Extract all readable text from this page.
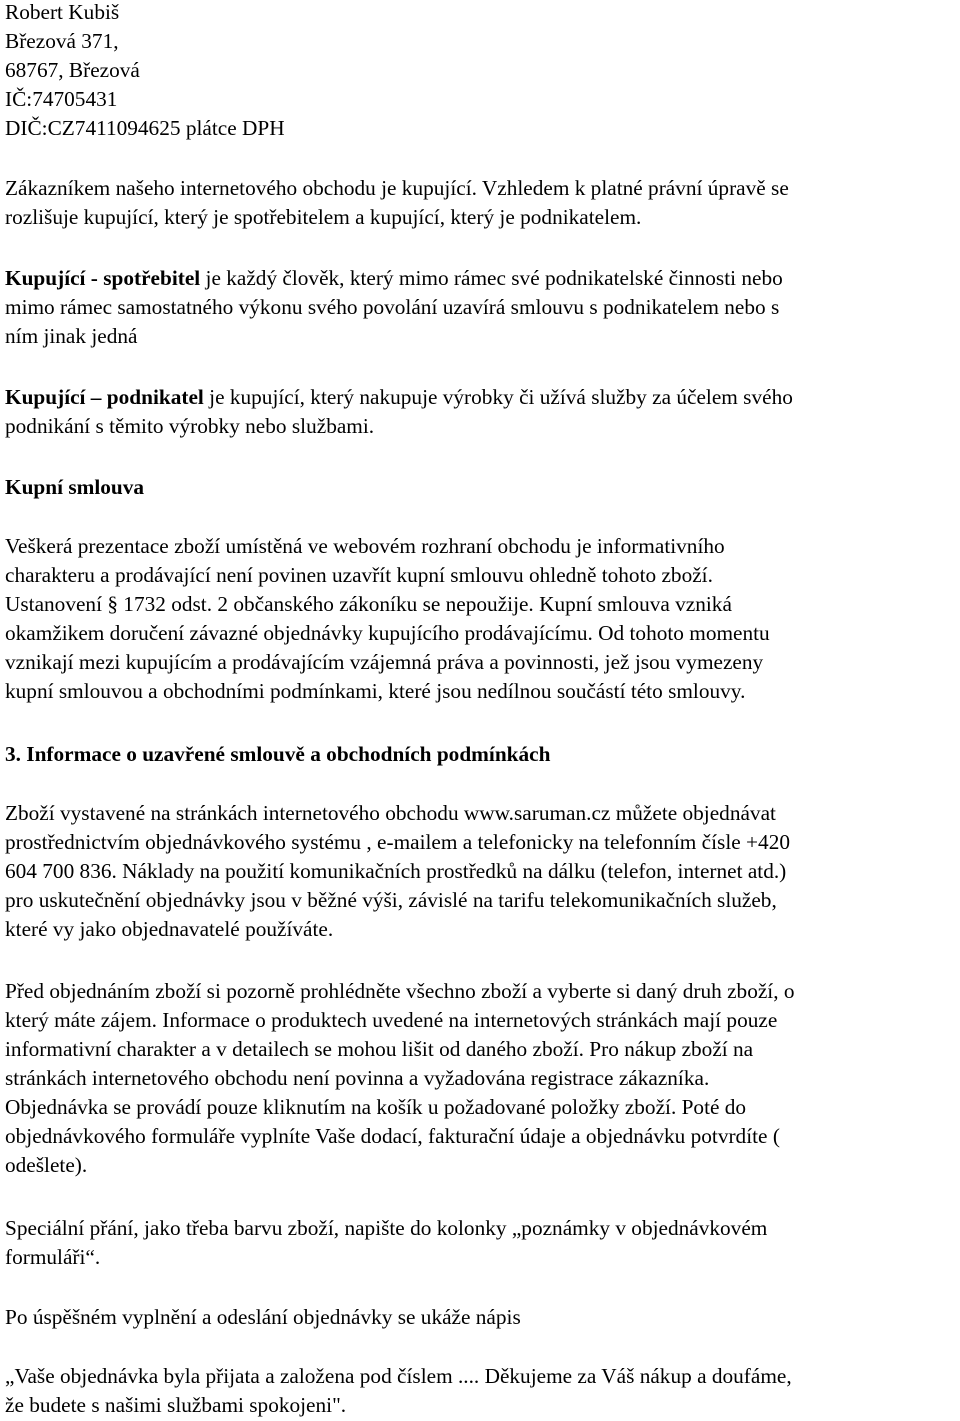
Robert Kubiš
Březová 371,
68767, Březová
IČ:74705431
DIČ:CZ7411094625 plátce DPH
Zákazníkem našeho internetového obchodu je kupující. Vzhledem k platné právní úpravě se
rozlišuje kupující, který je spotřebitelem a kupující, který je podnikatelem.
Kupující - spotřebitel je každý člověk, který mimo rámec své podnikatelské činnosti nebo
mimo rámec samostatného výkonu svého povolání uzavírá smlouvu s podnikatelem nebo s
ním jinak jedná
Kupující – podnikatel je kupující, který nakupuje výrobky či užívá služby za účelem svého
podnikání s těmito výrobky nebo službami.
Kupní smlouva
Veškerá prezentace zboží umístěná ve webovém rozhraní obchodu je informativního
charakteru a prodávající není povinen uzavřít kupní smlouvu ohledně tohoto zboží.
Ustanovení § 1732 odst. 2 občanského zákoníku se nepoužije. Kupní smlouva vzniká
okamžikem doručení závazné objednávky kupujícího prodávajícímu. Od tohoto momentu
vznikají mezi kupujícím a prodávajícím vzájemná práva a povinnosti, jež jsou vymezeny
kupní smlouvou a obchodními podmínkami, které jsou nedílnou součástí této smlouvy.
3. Informace o uzavřené smlouvě a obchodních podmínkách
Zboží vystavené na stránkách internetového obchodu www.saruman.cz můžete objednávat
prostřednictvím objednávkového systému , e-mailem a telefonicky na telefonním čísle +420
604 700 836. Náklady na použití komunikačních prostředků na dálku (telefon, internet atd.)
pro uskutečnění objednávky jsou v běžné výši, závislé na tarifu telekomunikačních služeb,
které vy jako objednavatelé používáte.
Před objednáním zboží si pozorně prohlédněte všechno zboží a vyberte si daný druh zboží, o
který máte zájem. Informace o produktech uvedené na internetových stránkách mají pouze
informativní charakter a v detailech se mohou lišit od daného zboží. Pro nákup zboží na
stránkách internetového obchodu není povinna a vyžadována registrace zákazníka.
Objednávka se provádí pouze kliknutím na košík u požadované položky zboží. Poté do
objednávkového formuláře vyplníte Vaše dodací, fakturační údaje a objednávku potvrdíte (
odešlete).
Speciální přání, jako třeba barvu zboží, napište do kolonky „poznámky v objednávkovém
formuláři“.
Po úspěšném vyplnění a odeslání objednávky se ukáže nápis
„Vaše objednávka byla přijata a založena pod číslem .... Děkujeme za Váš nákup a doufáme,
že budete s našimi službami spokojeni".
